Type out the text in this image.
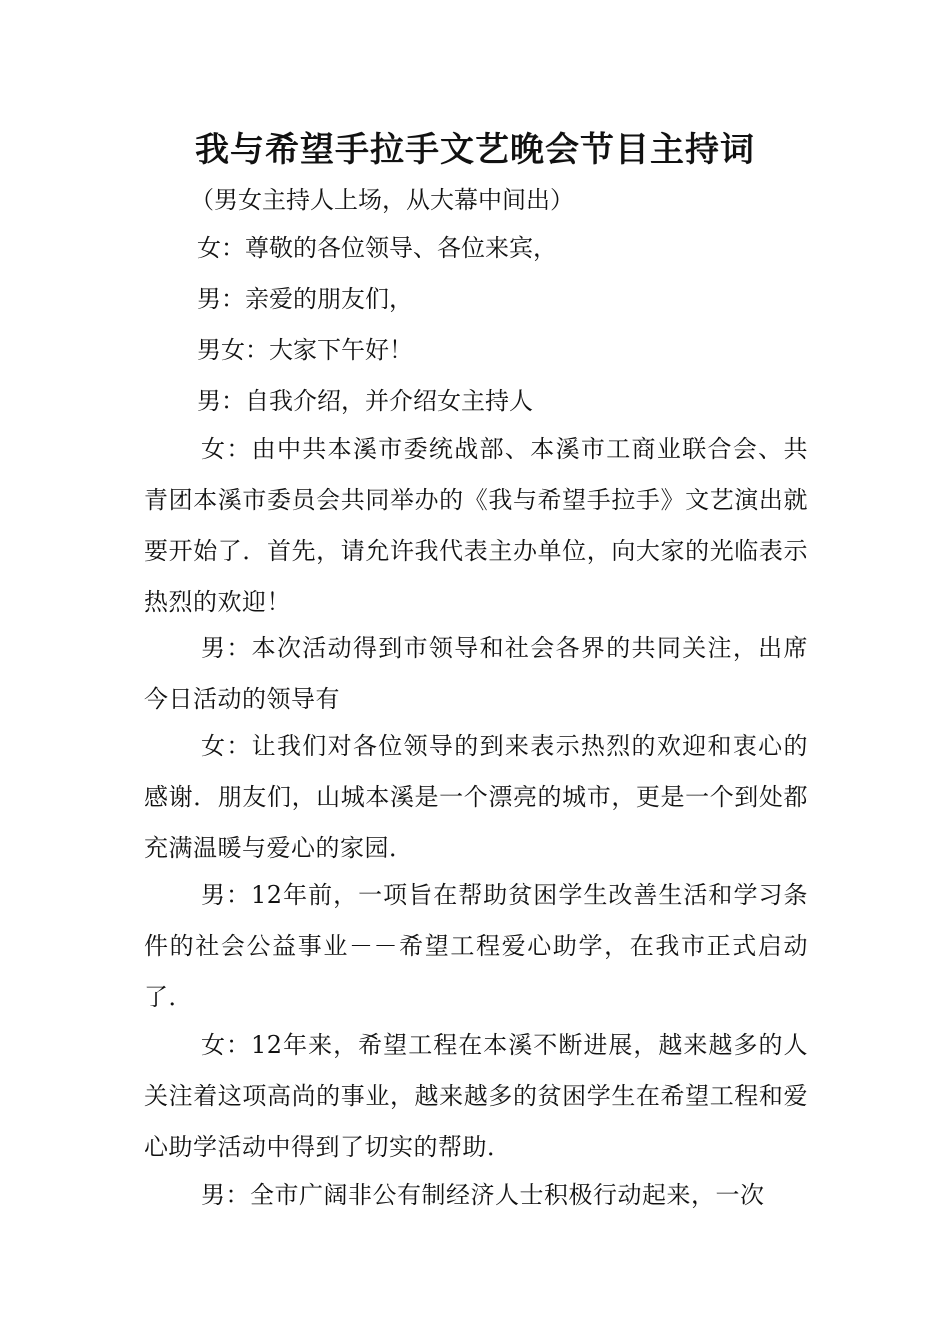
我与希望手拉手文艺晚会节目主持词
（男女主持人上场，从大幕中间出）
女：尊敬的各位领导、各位来宾，
男：亲爱的朋友们，
男女：大家下午好！
男：自我介绍，并介绍女主持人
女：由中共本溪市委统战部、本溪市工商业联合会、共青团本溪市委员会共同举办的《我与希望手拉手》文艺演出就要开始了．首先，请允许我代表主办单位，向大家的光临表示热烈的欢迎！
男：本次活动得到市领导和社会各界的共同关注，出席今日活动的领导有
女：让我们对各位领导的到来表示热烈的欢迎和衷心的感谢．朋友们，山城本溪是一个漂亮的城市，更是一个到处都充满温暖与爱心的家园．
男：12年前，一项旨在帮助贫困学生改善生活和学习条件的社会公益事业－－希望工程爱心助学，在我市正式启动了．
女：12年来，希望工程在本溪不断进展，越来越多的人关注着这项高尚的事业，越来越多的贫困学生在希望工程和爱心助学活动中得到了切实的帮助．
男：全市广阔非公有制经济人士积极行动起来，一次
